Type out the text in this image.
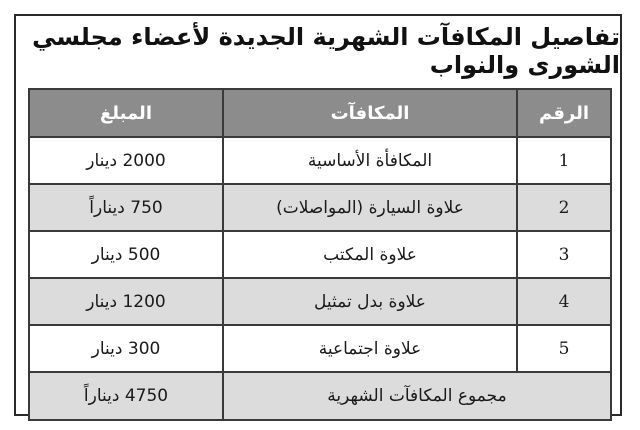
تفاصيل المكافآت الشهرية الجديدة لأعضاء مجلسي الشورى والنواب
الرقم	المكافآت	المبلغ
1	المكافأة الأساسية	2000 دينار
2	علاوة السيارة (المواصلات)	750 ديناراً
3	علاوة المكتب	500 دينار
4	علاوة بدل تمثيل	1200 دينار
5	علاوة اجتماعية	300 دينار
مجموع المكافآت الشهرية		4750 ديناراً
